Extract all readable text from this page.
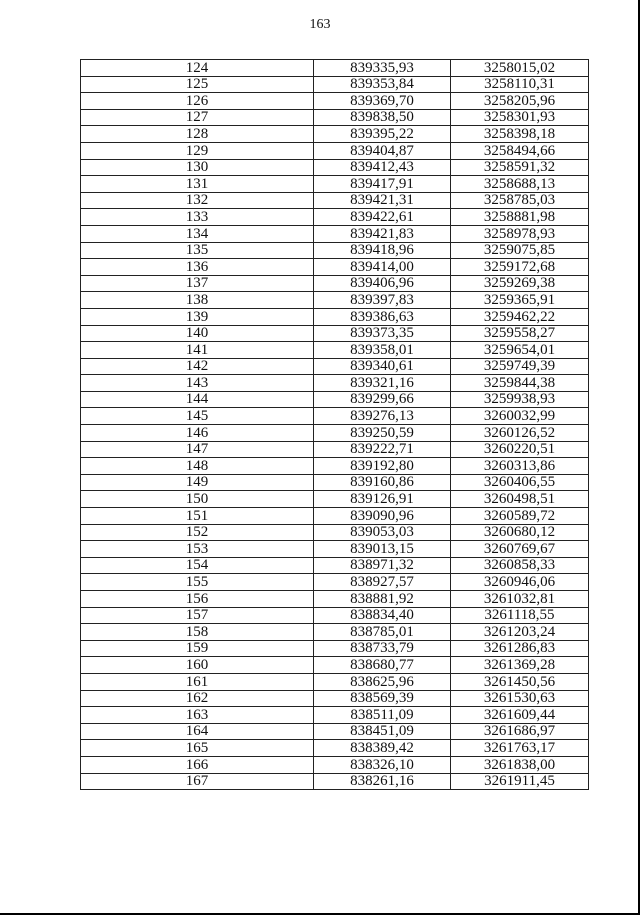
163
124	839335,93	3258015,02
125	839353,84	3258110,31
126	839369,70	3258205,96
127	839838,50	3258301,93
128	839395,22	3258398,18
129	839404,87	3258494,66
130	839412,43	3258591,32
131	839417,91	3258688,13
132	839421,31	3258785,03
133	839422,61	3258881,98
134	839421,83	3258978,93
135	839418,96	3259075,85
136	839414,00	3259172,68
137	839406,96	3259269,38
138	839397,83	3259365,91
139	839386,63	3259462,22
140	839373,35	3259558,27
141	839358,01	3259654,01
142	839340,61	3259749,39
143	839321,16	3259844,38
144	839299,66	3259938,93
145	839276,13	3260032,99
146	839250,59	3260126,52
147	839222,71	3260220,51
148	839192,80	3260313,86
149	839160,86	3260406,55
150	839126,91	3260498,51
151	839090,96	3260589,72
152	839053,03	3260680,12
153	839013,15	3260769,67
154	838971,32	3260858,33
155	838927,57	3260946,06
156	838881,92	3261032,81
157	838834,40	3261118,55
158	838785,01	3261203,24
159	838733,79	3261286,83
160	838680,77	3261369,28
161	838625,96	3261450,56
162	838569,39	3261530,63
163	838511,09	3261609,44
164	838451,09	3261686,97
165	838389,42	3261763,17
166	838326,10	3261838,00
167	838261,16	3261911,45
